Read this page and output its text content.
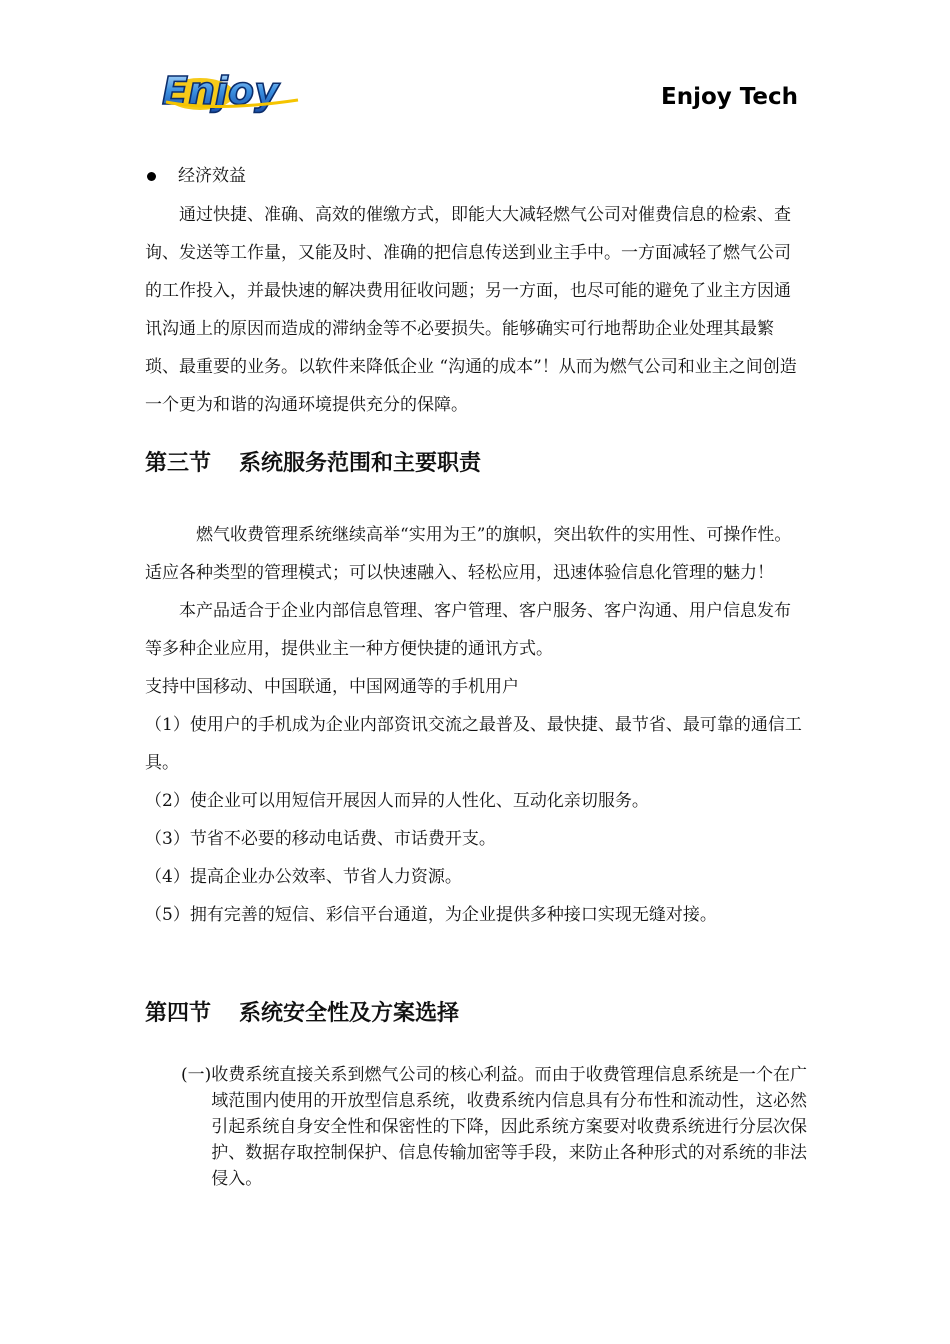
Enjoy	Enjoy Tech
经济效益

通过快捷、准确、高效的催缴方式，即能大大减轻燃气公司对催费信息的检索、查询、发送等工作量，又能及时、准确的把信息传送到业主手中。一方面减轻了燃气公司的工作投入，并最快速的解决费用征收问题；另一方面，也尽可能的避免了业主方因通讯沟通上的原因而造成的滞纳金等不必要损失。能够确实可行地帮助企业处理其最繁琐、最重要的业务。以软件来降低企业 “沟通的成本”！从而为燃气公司和业主之间创造一个更为和谐的沟通环境提供充分的保障。

第三节 系统服务范围和主要职责

燃气收费管理系统继续高举“实用为王”的旗帜，突出软件的实用性、可操作性。适应各种类型的管理模式；可以快速融入、轻松应用，迅速体验信息化管理的魅力！

本产品适合于企业内部信息管理、客户管理、客户服务、客户沟通、用户信息发布等多种企业应用，提供业主一种方便快捷的通讯方式。

支持中国移动、中国联通，中国网通等的手机用户

（1）使用户的手机成为企业内部资讯交流之最普及、最快捷、最节省、最可靠的通信工具。

（2）使企业可以用短信开展因人而异的人性化、互动化亲切服务。

（3）节省不必要的移动电话费、市话费开支。

（4）提高企业办公效率、节省人力资源。

（5）拥有完善的短信、彩信平台通道，为企业提供多种接口实现无缝对接。

第四节 系统安全性及方案选择
(一) 收费系统直接关系到燃气公司的核心利益。而由于收费管理信息系统是一个在广域范围内使用的开放型信息系统，收费系统内信息具有分布性和流动性，这必然引起系统自身安全性和保密性的下降，因此系统方案要对收费系统进行分层次保护、数据存取控制保护、信息传输加密等手段，来防止各种形式的对系统的非法侵入。
